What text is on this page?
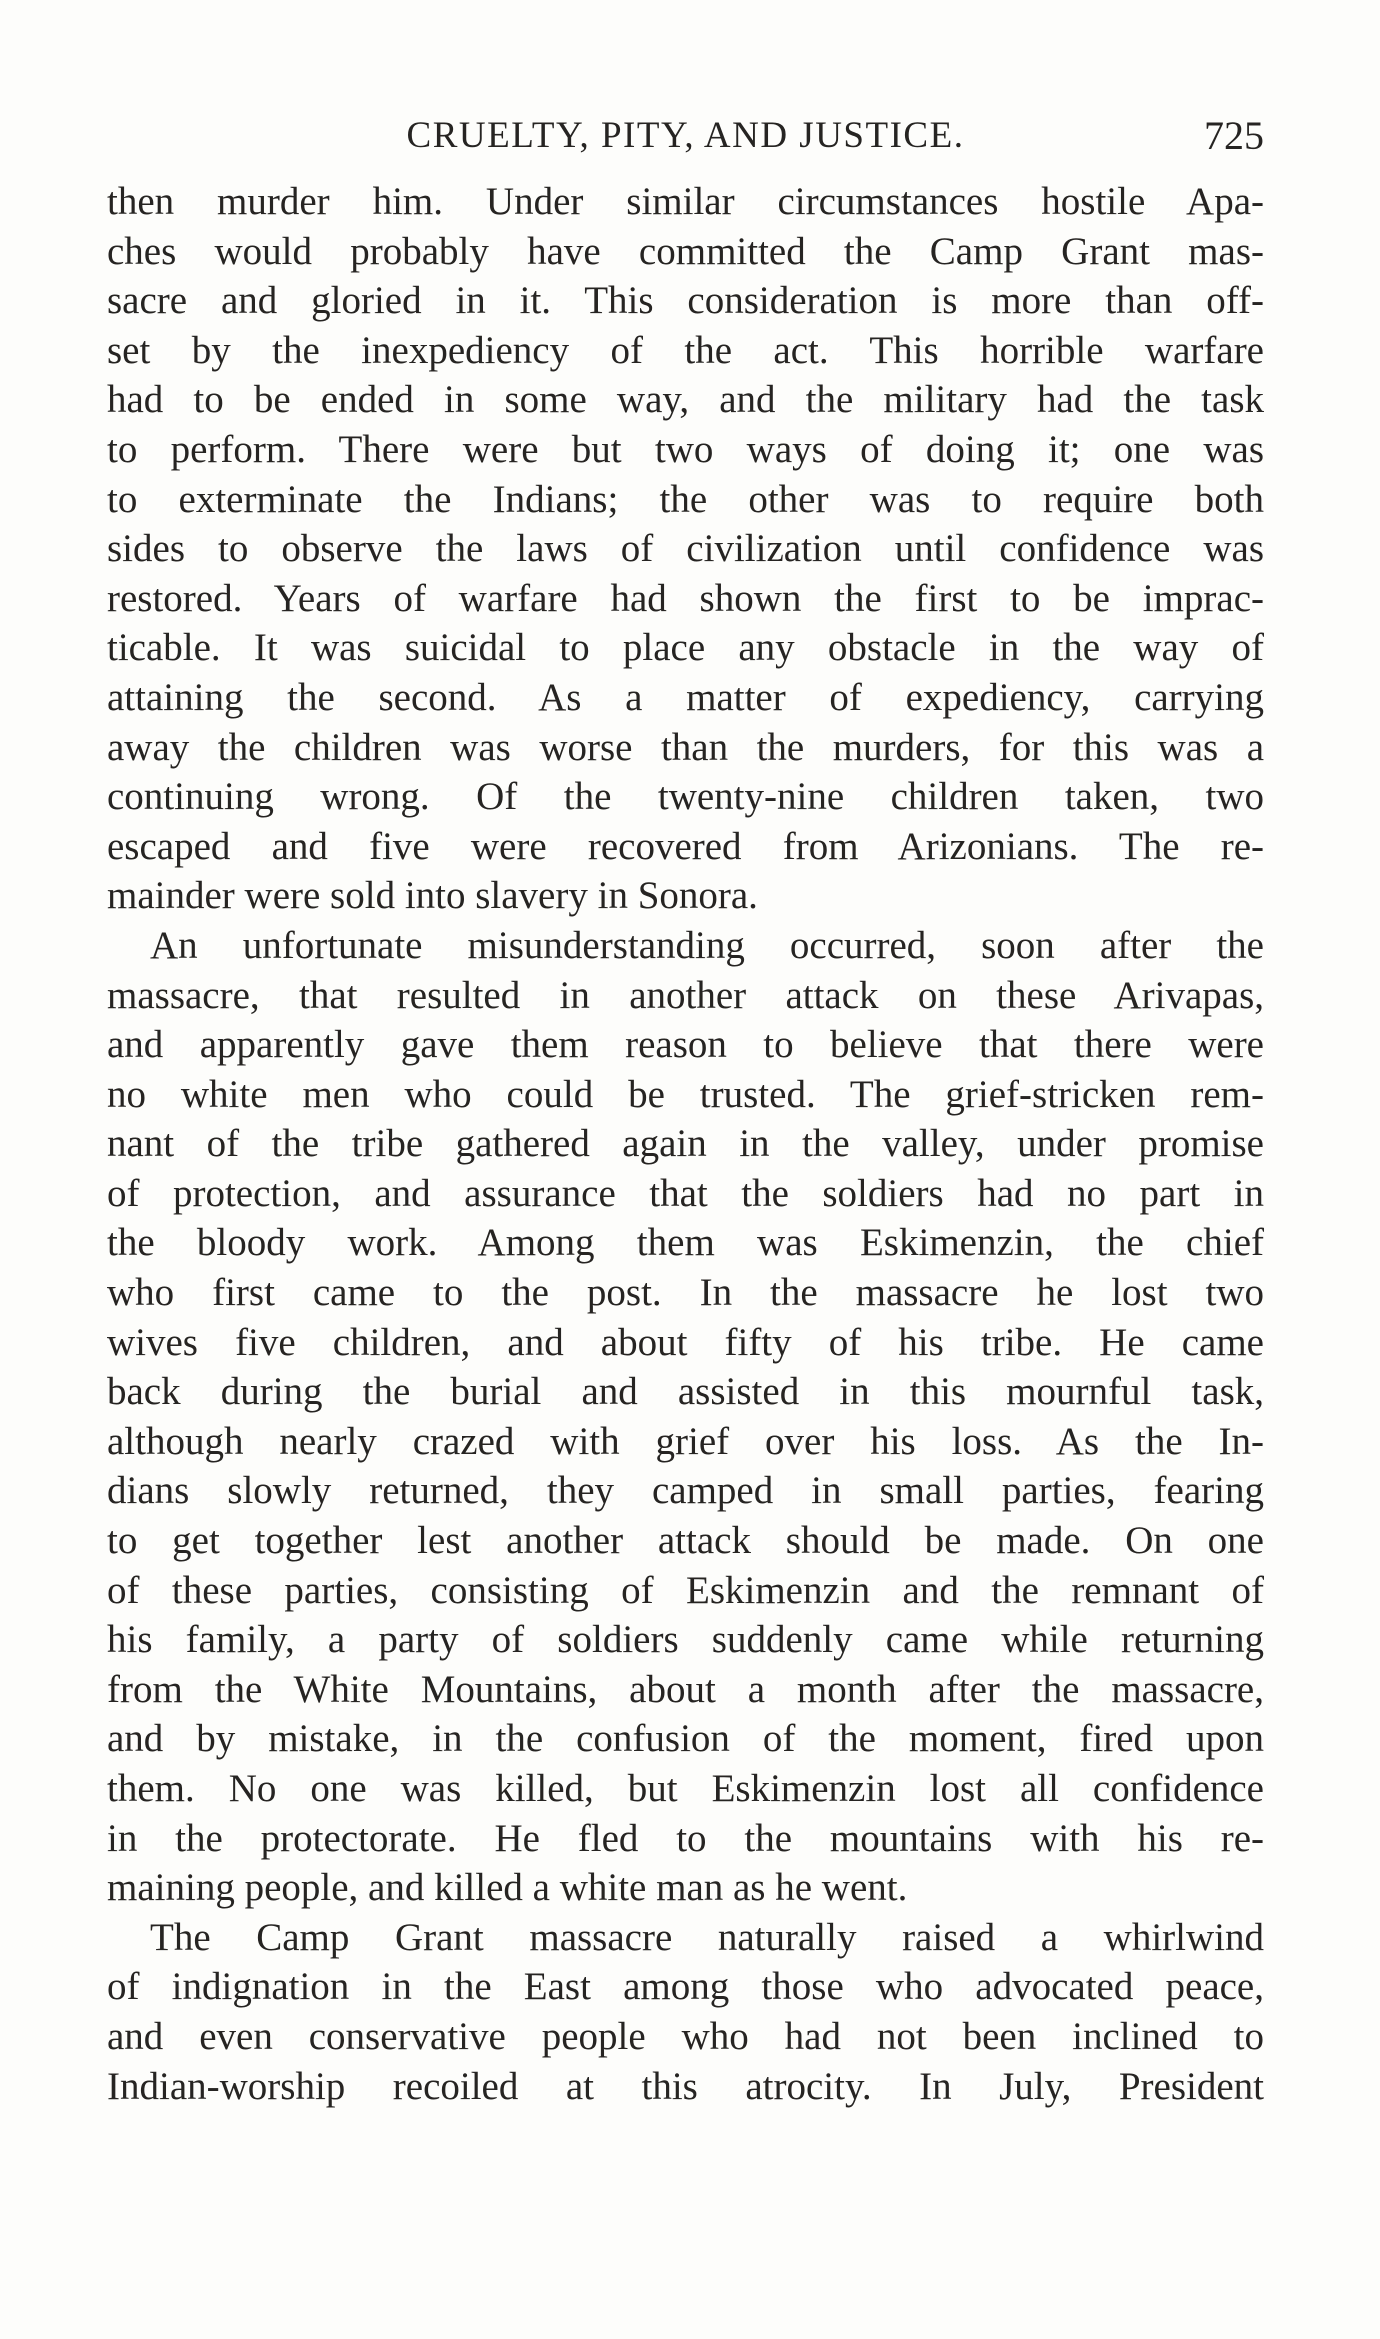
CRUELTY, PITY, AND JUSTICE.	725
then murder him. Under similar circumstances hostile Apa-
ches would probably have committed the Camp Grant mas-
sacre and gloried in it. This consideration is more than off-
set by the inexpediency of the act. This horrible warfare
had to be ended in some way, and the military had the task
to perform. There were but two ways of doing it; one was
to exterminate the Indians; the other was to require both
sides to observe the laws of civilization until confidence was
restored. Years of warfare had shown the first to be imprac-
ticable. It was suicidal to place any obstacle in the way of
attaining the second. As a matter of expediency, carrying
away the children was worse than the murders, for this was a
continuing wrong. Of the twenty-nine children taken, two
escaped and five were recovered from Arizonians. The re-
mainder were sold into slavery in Sonora.
An unfortunate misunderstanding occurred, soon after the
massacre, that resulted in another attack on these Arivapas,
and apparently gave them reason to believe that there were
no white men who could be trusted. The grief-stricken rem-
nant of the tribe gathered again in the valley, under promise
of protection, and assurance that the soldiers had no part in
the bloody work. Among them was Eskimenzin, the chief
who first came to the post. In the massacre he lost two
wives five children, and about fifty of his tribe. He came
back during the burial and assisted in this mournful task,
although nearly crazed with grief over his loss. As the In-
dians slowly returned, they camped in small parties, fearing
to get together lest another attack should be made. On one
of these parties, consisting of Eskimenzin and the remnant of
his family, a party of soldiers suddenly came while returning
from the White Mountains, about a month after the massacre,
and by mistake, in the confusion of the moment, fired upon
them. No one was killed, but Eskimenzin lost all confidence
in the protectorate. He fled to the mountains with his re-
maining people, and killed a white man as he went.
The Camp Grant massacre naturally raised a whirlwind
of indignation in the East among those who advocated peace,
and even conservative people who had not been inclined to
Indian-worship recoiled at this atrocity. In July, President
